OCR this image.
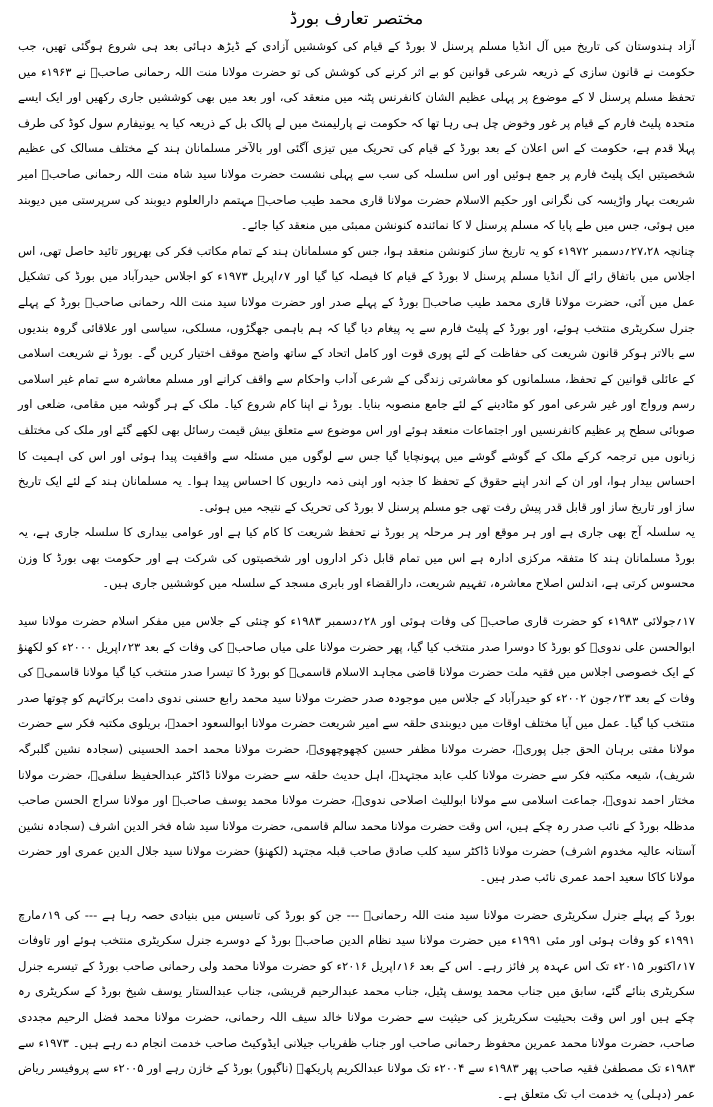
مختصر تعارف بورڈ

آزاد ہندوستان کی تاریخ میں آل انڈیا مسلم پرسنل لا بورڈ کے قیام کی کوششیں آزادی کے ڈیڑھ دہائی بعد ہی شروع ہوگئی تھیں، جب حکومت نے قانون سازی کے ذریعہ شرعی قوانین کو بے اثر کرنے کی کوشش کی تو حضرت مولانا منت اللہ رحمانی صاحبؒ نے ۱۹۶۳ء میں تحفظ مسلم پرسنل لا کے موضوع پر پہلی عظیم الشان کانفرنس پٹنہ میں منعقد کی، اور بعد میں بھی کوششیں جاری رکھیں اور ایک ایسے متحدہ پلیٹ فارم کے قیام پر غور وخوض چل ہی رہا تھا کہ حکومت نے پارلیمنٹ میں لے پالک بل کے ذریعہ کیا یہ یونیفارم سول کوڈ کی طرف پہلا قدم ہے، حکومت کے اس اعلان کے بعد بورڈ کے قیام کی تحریک میں تیزی آگئی اور بالآخر مسلمانان ہند کے مختلف مسالک کی عظیم شخصیتیں ایک پلیٹ فارم پر جمع ہوئیں اور اس سلسلہ کی سب سے پہلی نشست حضرت مولانا سید شاہ منت اللہ رحمانی صاحبؒ امیر شریعت بہار واڑیسہ کی نگرانی اور حکیم الاسلام حضرت مولانا قاری محمد طیب صاحبؒ مہتمم دارالعلوم دیوبند کی سرپرستی میں دیوبند میں ہوئی، جس میں طے پایا کہ مسلم پرسنل لا کا نمائندہ کنونشن ممبئی میں منعقد کیا جائے۔

چنانچہ ۲۷،۲۸؍دسمبر ۱۹۷۲ء کو یہ تاریخ ساز کنونشن منعقد ہوا، جس کو مسلمانان ہند کے تمام مکاتب فکر کی بھرپور تائید حاصل تھی، اس اجلاس میں باتفاق رائے آل انڈیا مسلم پرسنل لا بورڈ کے قیام کا فیصلہ کیا گیا اور ۷؍اپریل ۱۹۷۳ء کو اجلاس حیدرآباد میں بورڈ کی تشکیل عمل میں آئی، حضرت مولانا قاری محمد طیب صاحبؒ بورڈ کے پہلے صدر اور حضرت مولانا سید منت اللہ رحمانی صاحبؒ بورڈ کے پہلے جنرل سکریٹری منتخب ہوئے، اور بورڈ کے پلیٹ فارم سے یہ پیغام دیا گیا کہ ہم باہمی جھگڑوں، مسلکی، سیاسی اور علاقائی گروہ بندیوں سے بالاتر ہوکر قانون شریعت کی حفاظت کے لئے پوری قوت اور کامل اتحاد کے ساتھ واضح موقف اختیار کریں گے۔ بورڈ نے شریعت اسلامی کے عائلی قوانین کے تحفظ، مسلمانوں کو معاشرتی زندگی کے شرعی آداب واحکام سے واقف کرانے اور مسلم معاشرہ سے تمام غیر اسلامی رسم ورواج اور غیر شرعی امور کو مٹادینے کے لئے جامع منصوبہ بنایا۔ بورڈ نے اپنا کام شروع کیا۔ ملک کے ہر گوشہ میں مقامی، ضلعی اور صوبائی سطح پر عظیم کانفرنسیں اور اجتماعات منعقد ہوئے اور اس موضوع سے متعلق بیش قیمت رسائل بھی لکھے گئے اور ملک کی مختلف زبانوں میں ترجمہ کرکے ملک کے گوشے گوشے میں پہونچایا گیا جس سے لوگوں میں مسئلہ سے واقفیت پیدا ہوئی اور اس کی اہمیت کا احساس بیدار ہوا، اور ان کے اندر اپنے حقوق کے تحفظ کا جذبہ اور اپنی ذمہ داریوں کا احساس پیدا ہوا۔ یہ مسلمانان ہند کے لئے ایک تاریخ ساز اور تاریخ ساز اور قابل قدر پیش رفت تھی جو مسلم پرسنل لا بورڈ کی تحریک کے نتیجہ میں ہوئی۔

یہ سلسلہ آج بھی جاری ہے اور ہر موقع اور ہر مرحلہ پر بورڈ نے تحفظ شریعت کا کام کیا ہے اور عوامی بیداری کا سلسلہ جاری ہے، یہ بورڈ مسلمانان ہند کا متفقہ مرکزی ادارہ ہے اس میں تمام قابل ذکر اداروں اور شخصیتوں کی شرکت ہے اور حکومت بھی بورڈ کا وزن محسوس کرتی ہے، اندلس اصلاح معاشرہ، تفہیم شریعت، دارالقضاء اور بابری مسجد کے سلسلہ میں کوششیں جاری ہیں۔

۱۷؍جولائی ۱۹۸۳ء کو حضرت قاری صاحبؒ کی وفات ہوئی اور ۲۸؍دسمبر ۱۹۸۳ء کو چنئی کے جلاس میں مفکر اسلام حضرت مولانا سید ابوالحسن علی ندویؒ کو بورڈ کا دوسرا صدر منتخب کیا گیا، پھر حضرت مولانا علی میاں صاحبؒ کی وفات کے بعد ۲۳؍اپریل ۲۰۰۰ء کو لکھنؤ کے ایک خصوصی اجلاس میں فقیہ ملت حضرت مولانا قاضی مجاہد الاسلام قاسمیؒ کو بورڈ کا تیسرا صدر منتخب کیا گیا مولانا قاسمیؒ کی وفات کے بعد ۲۳؍جون ۲۰۰۲ء کو حیدرآباد کے جلاس میں موجودہ صدر حضرت مولانا سید محمد رابع حسنی ندوی دامت برکاتہم کو چوتھا صدر منتخب کیا گیا۔ عمل میں آیا مختلف اوقات میں دیوبندی حلقہ سے امیر شریعت حضرت مولانا ابوالسعود احمدؒ، بریلوی مکتبہ فکر سے حضرت مولانا مفتی برہان الحق جبل پوریؒ، حضرت مولانا مظفر حسین کچھوچھویؒ، حضرت مولانا محمد احمد الحسینی (سجادہ نشین گلبرگہ شریف)، شیعہ مکتبہ فکر سے حضرت مولانا کلب عابد مجتہدؒ، اہل حدیث حلقہ سے حضرت مولانا ڈاکٹر عبدالحفیظ سلفیؒ، حضرت مولانا مختار احمد ندویؒ، جماعت اسلامی سے مولانا ابوللیث اصلاحی ندویؒ، حضرت مولانا محمد یوسف صاحبؒ اور مولانا سراج الحسن صاحب مدظلہ بورڈ کے نائب صدر رہ چکے ہیں، اس وقت حضرت مولانا محمد سالم قاسمی، حضرت مولانا سید شاہ فخر الدین اشرف (سجادہ نشین آستانہ عالیہ مخدوم اشرف) حضرت مولانا ڈاکٹر سید کلب صادق صاحب قبلہ مجتہد (لکھنؤ) حضرت مولانا سید جلال الدین عمری اور حضرت مولانا کاکا سعید احمد عمری نائب صدر ہیں۔

بورڈ کے پہلے جنرل سکریٹری حضرت مولانا سید منت اللہ رحمانیؒ --- جن کو بورڈ کی تاسیس میں بنیادی حصہ رہا ہے --- کی ۱۹؍مارچ ۱۹۹۱ء کو وفات ہوئی اور مئی ۱۹۹۱ء میں حضرت مولانا سید نظام الدین صاحبؒ بورڈ کے دوسرے جنرل سکریٹری منتخب ہوئے اور تاوفات ۱۷؍اکتوبر ۲۰۱۵ء تک اس عہدہ پر فائز رہے۔ اس کے بعد ۱۶؍اپریل ۲۰۱۶ء کو حضرت مولانا محمد ولی رحمانی صاحب بورڈ کے تیسرے جنرل سکریٹری بنائے گئے، سابق میں جناب محمد یوسف پٹیل، جناب محمد عبدالرحیم قریشی، جناب عبدالستار یوسف شیخ بورڈ کے سکریٹری رہ چکے ہیں اور اس وقت بحیثیت سکریٹریز کی حیثیت سے حضرت مولانا خالد سیف اللہ رحمانی، حضرت مولانا محمد فضل الرحیم مجددی صاحب، حضرت مولانا محمد عمرین محفوظ رحمانی صاحب اور جناب ظفریاب جیلانی ایڈوکیٹ صاحب خدمت انجام دے رہے ہیں۔ ۱۹۷۳ء سے ۱۹۸۳ء تک مصطفیٰ فقیہ صاحب پھر ۱۹۸۳ء سے ۲۰۰۴ء تک مولانا عبدالکریم پاریکھؒ (ناگپور) بورڈ کے خازن رہے اور ۲۰۰۵ء سے پروفیسر ریاض عمر (دہلی) یہ خدمت اب تک متعلق ہے۔
